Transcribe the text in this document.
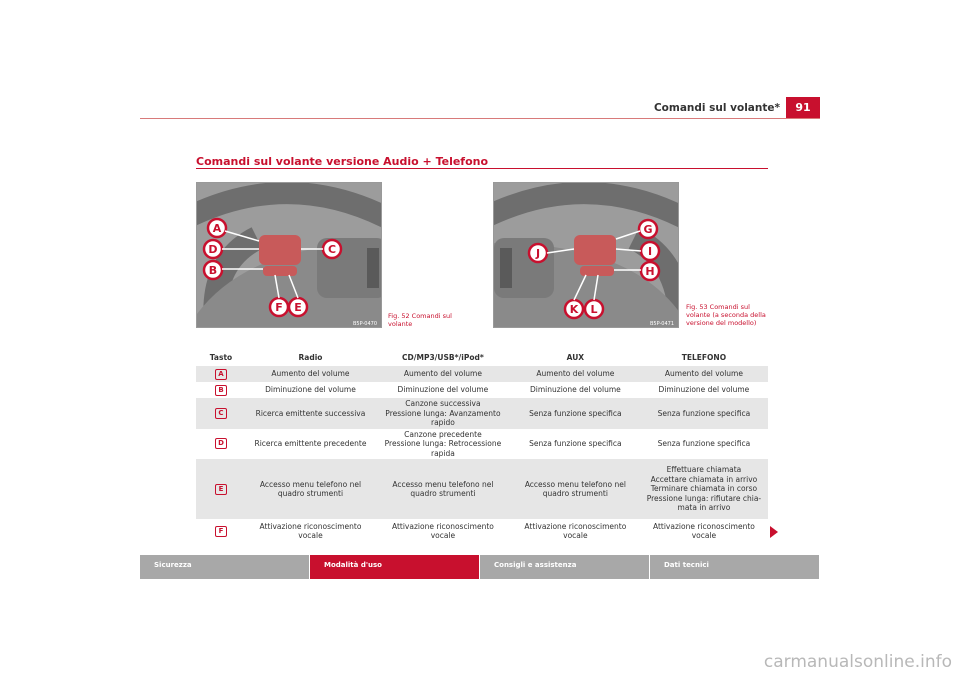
Comandi sul volante*	91
Comandi sul volante versione Audio + Telefono
A
D
B
C
F E
B5P-0470
Fig. 52 Comandi sul volante
G
J	I
H
K L
B5P-0471
Fig. 53 Comandi sul volante (a seconda della versione del modello)
Tasto	Radio	CD/MP3/USB*/iPod*	AUX	TELEFONO
A	Aumento del volume	Aumento del volume	Aumento del volume	Aumento del volume
B	Diminuzione del volume	Diminuzione del volume	Diminuzione del volume	Diminuzione del volume
C	Ricerca emittente successiva	Canzone successiva
Pressione lunga: Avanzamento rapido	Senza funzione specifica	Senza funzione specifica
D	Ricerca emittente precedente	Canzone precedente
Pressione lunga: Retrocessione rapida	Senza funzione specifica	Senza funzione specifica
E	Accesso menu telefono nel quadro strumenti	Accesso menu telefono nel quadro strumenti	Accesso menu telefono nel quadro strumenti	Effettuare chiamata
Accettare chiamata in arrivo
Terminare chiamata in corso
Pressione lunga: rifiutare chia-mata in arrivo
F	Attivazione riconoscimento vocale	Attivazione riconoscimento vocale	Attivazione riconoscimento vocale	Attivazione riconoscimento vocale
Sicurezza	Modalità d'uso	Consigli e assistenza	Dati tecnici
carmanualsonline.info
